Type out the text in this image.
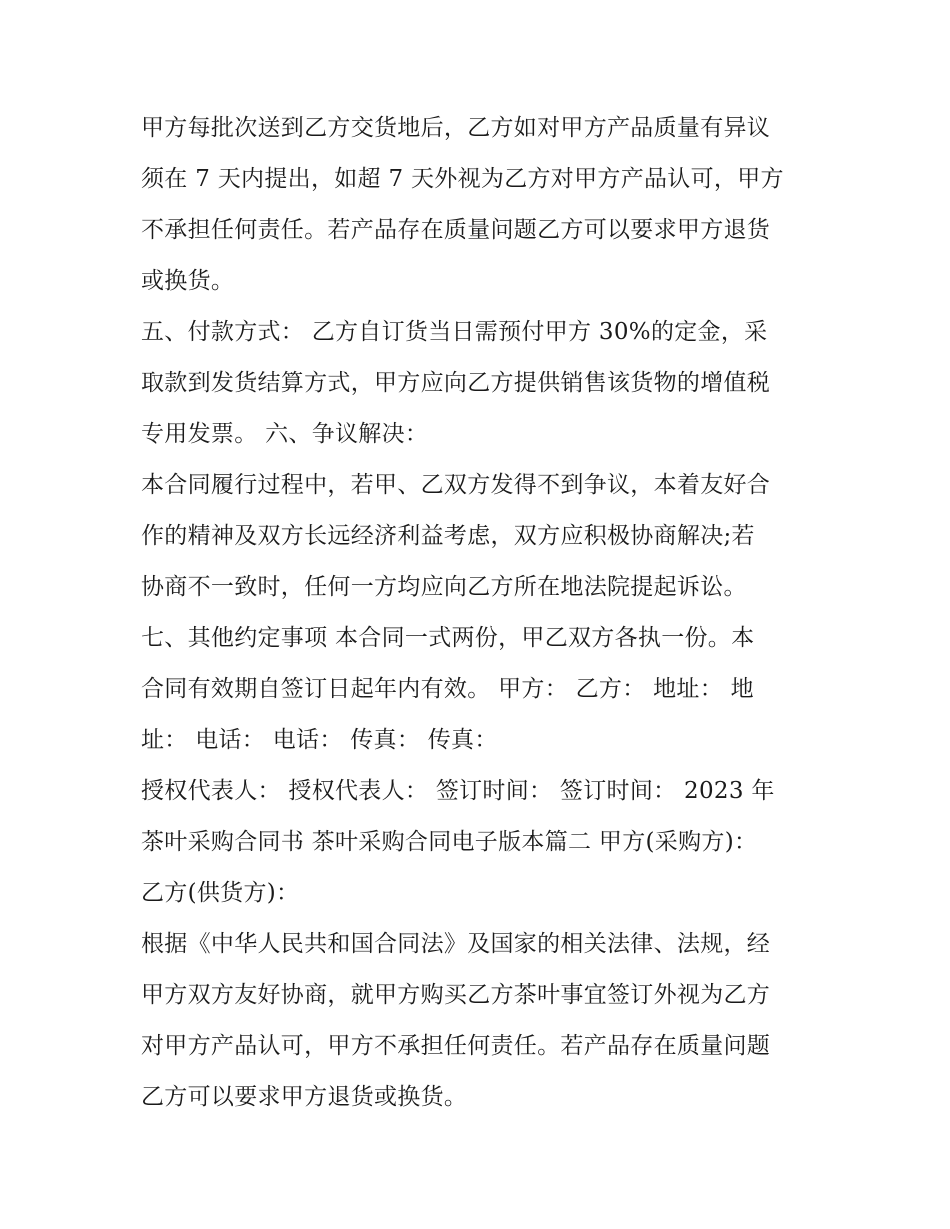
甲方每批次送到乙方交货地后，乙方如对甲方产品质量有异议
须在 7 天内提出，如超 7 天外视为乙方对甲方产品认可，甲方
不承担任何责任。若产品存在质量问题乙方可以要求甲方退货
或换货。
五、付款方式： 乙方自订货当日需预付甲方 30%的定金，采
取款到发货结算方式，甲方应向乙方提供销售该货物的增值税
专用发票。 六、争议解决：
本合同履行过程中，若甲、乙双方发得不到争议，本着友好合
作的精神及双方长远经济利益考虑，双方应积极协商解决;若
协商不一致时，任何一方均应向乙方所在地法院提起诉讼。
七、其他约定事项 本合同一式两份，甲乙双方各执一份。本
合同有效期自签订日起年内有效。 甲方： 乙方： 地址： 地
址： 电话： 电话： 传真： 传真：
授权代表人： 授权代表人： 签订时间： 签订时间： 2023 年
茶叶采购合同书 茶叶采购合同电子版本篇二 甲方(采购方)：
乙方(供货方)：
根据《中华人民共和国合同法》及国家的相关法律、法规，经
甲方双方友好协商，就甲方购买乙方茶叶事宜签订外视为乙方
对甲方产品认可，甲方不承担任何责任。若产品存在质量问题
乙方可以要求甲方退货或换货。
